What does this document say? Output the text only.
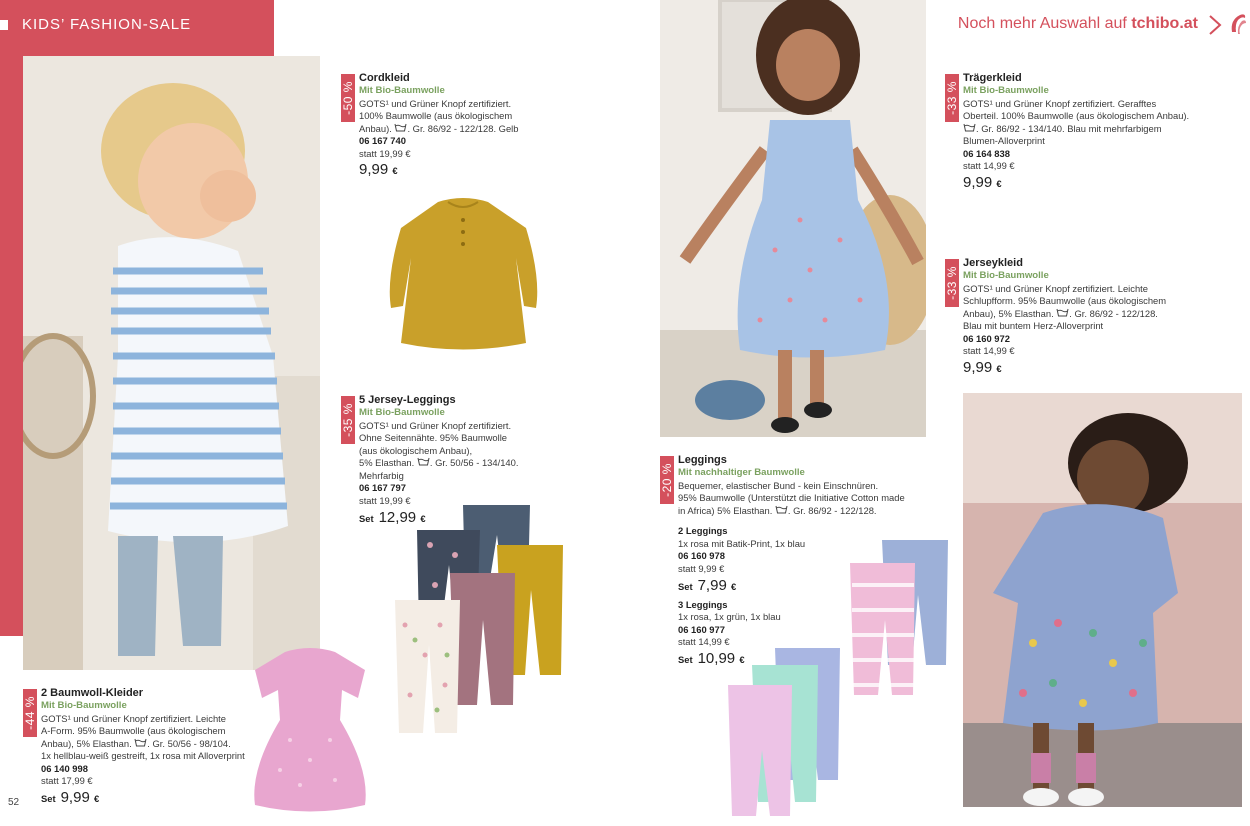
KIDS’ FASHION-SALE	Noch mehr Auswahl auf tchibo.at
-50 %
-35 %
-44 %
-20 %
-33 %
-33 %
Cordkleid
Mit Bio-Baumwolle
GOTS¹ und Grüner Knopf zertifiziert.
100% Baumwolle (aus ökologischem
Anbau). . Gr. 86/92 - 122/128. Gelb
06 167 740
statt 19,99 €
9,99 €
5 Jersey-Leggings
Mit Bio-Baumwolle
GOTS¹ und Grüner Knopf zertifiziert.
Ohne Seitennähte. 95% Baumwolle
(aus ökologischem Anbau),
5% Elasthan. . Gr. 50/56 - 134/140.
Mehrfarbig
06 167 797
statt 19,99 €
Set 12,99 €
2 Baumwoll-Kleider
Mit Bio-Baumwolle
GOTS¹ und Grüner Knopf zertifiziert. Leichte
A-Form. 95% Baumwolle (aus ökologischem
Anbau), 5% Elasthan. . Gr. 50/56 - 98/104.
1x hellblau-weiß gestreift, 1x rosa mit Alloverprint
06 140 998
statt 17,99 €
Set 9,99 €
Leggings
Mit nachhaltiger Baumwolle
Bequemer, elastischer Bund - kein Einschnüren.
95% Baumwolle (Unterstützt die Initiative Cotton made
in Africa) 5% Elasthan. . Gr. 86/92 - 122/128.
2 Leggings
1x rosa mit Batik-Print, 1x blau
06 160 978
statt 9,99 €
Set 7,99 €
3 Leggings
1x rosa, 1x grün, 1x blau
06 160 977
statt 14,99 €
Set 10,99 €
Trägerkleid
Mit Bio-Baumwolle
GOTS¹ und Grüner Knopf zertifiziert. Gerafftes
Oberteil. 100% Baumwolle (aus ökologischem Anbau).
. Gr. 86/92 - 134/140. Blau mit mehrfarbigem
Blumen-Alloverprint
06 164 838
statt 14,99 €
9,99 €
Jerseykleid
Mit Bio-Baumwolle
GOTS¹ und Grüner Knopf zertifiziert. Leichte
Schlupfform. 95% Baumwolle (aus ökologischem
Anbau), 5% Elasthan. . Gr. 86/92 - 122/128.
Blau mit buntem Herz-Alloverprint
06 160 972
statt 14,99 €
9,99 €
52
